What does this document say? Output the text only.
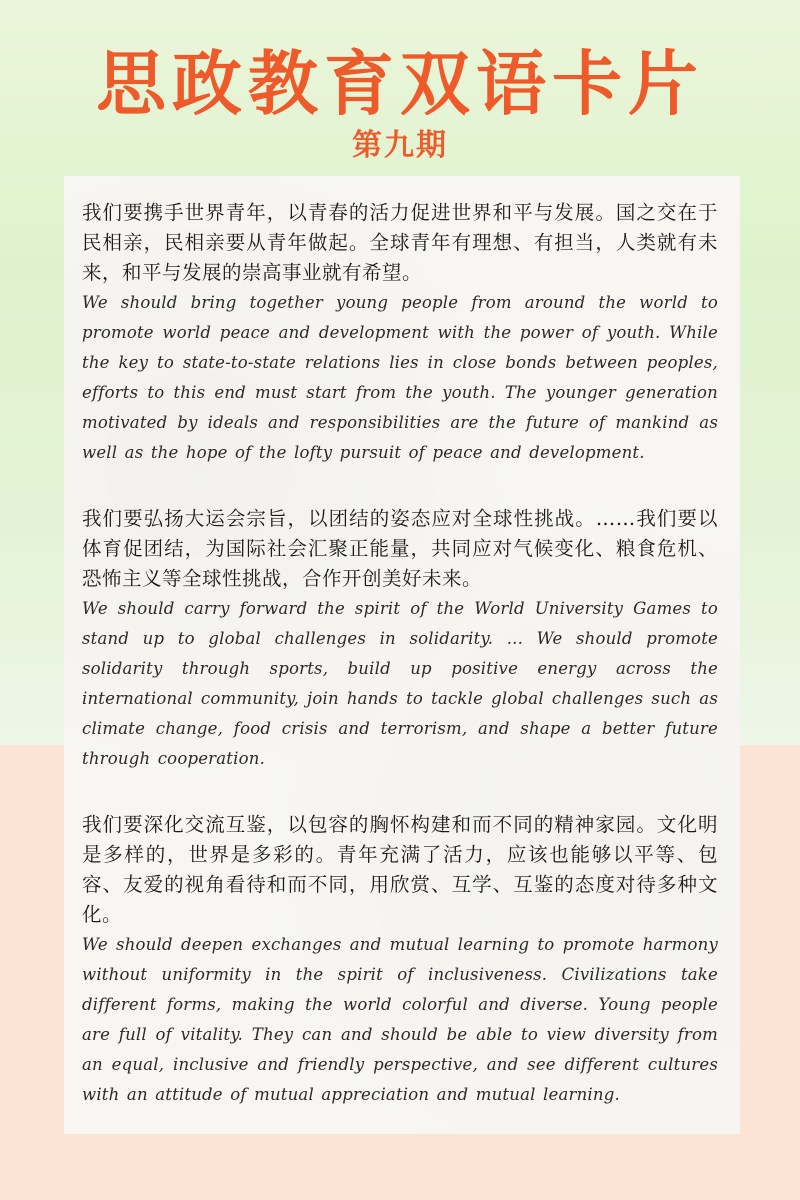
思政教育双语卡片
第九期

我们要携手世界青年，以青春的活力促进世界和平与发展。国之交在于民相亲，民相亲要从青年做起。全球青年有理想、有担当，人类就有未来，和平与发展的崇高事业就有希望。

We should bring together young people from around the world to promote world peace and development with the power of youth. While the key to state-to-state relations lies in close bonds between peoples, efforts to this end must start from the youth. The younger generation motivated by ideals and responsibilities are the future of mankind as well as the hope of the lofty pursuit of peace and development.

我们要弘扬大运会宗旨，以团结的姿态应对全球性挑战。……我们要以体育促团结，为国际社会汇聚正能量，共同应对气候变化、粮食危机、恐怖主义等全球性挑战，合作开创美好未来。

We should carry forward the spirit of the World University Games to stand up to global challenges in solidarity. ... We should promote solidarity through sports, build up positive energy across the international community, join hands to tackle global challenges such as climate change, food crisis and terrorism, and shape a better future through cooperation.

我们要深化交流互鉴，以包容的胸怀构建和而不同的精神家园。文化明是多样的，世界是多彩的。青年充满了活力，应该也能够以平等、包容、友爱的视角看待和而不同，用欣赏、互学、互鉴的态度对待多种文化。

We should deepen exchanges and mutual learning to promote harmony without uniformity in the spirit of inclusiveness. Civilizations take different forms, making the world colorful and diverse. Young people are full of vitality. They can and should be able to view diversity from an equal, inclusive and friendly perspective, and see different cultures with an attitude of mutual appreciation and mutual learning.
